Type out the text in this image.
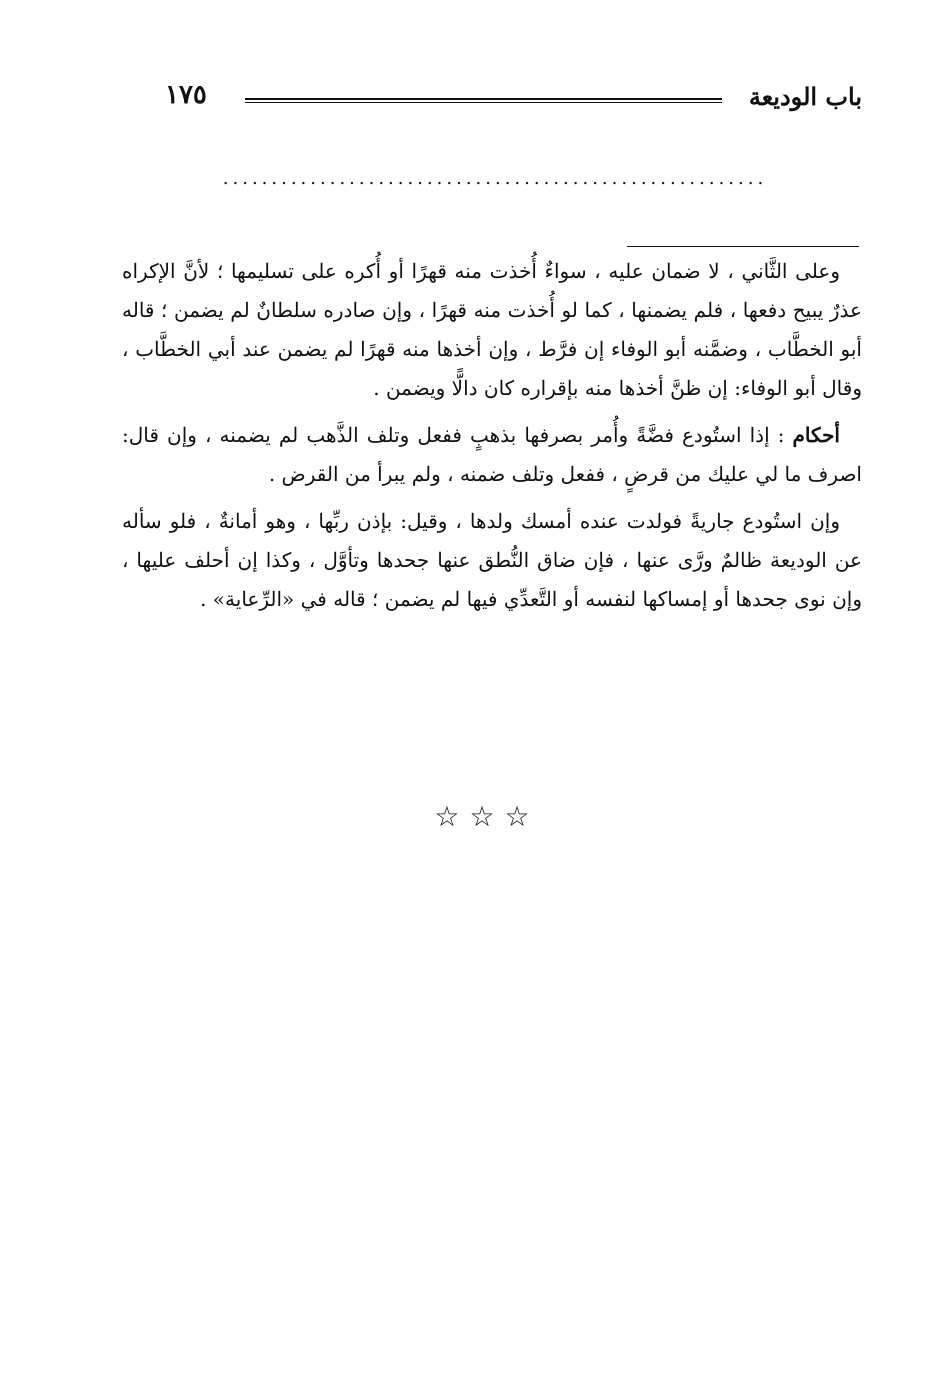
باب الوديعة
١٧٥
........................................................

وعلى الثَّاني ، لا ضمان عليه ، سواءٌ أُخذت منه قهرًا أو أُكره على تسليمها ؛ لأنَّ الإكراه عذرٌ يبيح دفعها ، فلم يضمنها ، كما لو أُخذت منه قهرًا ، وإن صادره سلطانٌ لم يضمن ؛ قاله أبو الخطَّاب ، وضمَّنه أبو الوفاء إن فرَّط ، وإن أخذها منه قهرًا لم يضمن عند أبي الخطَّاب ، وقال أبو الوفاء: إن ظنَّ أخذها منه بإقراره كان دالًّا ويضمن .

أحكام : إذا استُودع فضَّةً وأُمر بصرفها بذهبٍ ففعل وتلف الذَّهب لم يضمنه ، وإن قال: اصرف ما لي عليك من قرضٍ ، ففعل وتلف ضمنه ، ولم يبرأ من القرض .

وإن استُودع جاريةً فولدت عنده أمسك ولدها ، وقيل: بإذن ربِّها ، وهو أمانةٌ ، فلو سأله عن الوديعة ظالمٌ ورَّى عنها ، فإن ضاق النُّطق عنها جحدها وتأوَّل ، وكذا إن أحلف عليها ، وإن نوى جحدها أو إمساكها لنفسه أو التَّعدِّي فيها لم يضمن ؛ قاله في «الرِّعاية» .

☆☆☆
